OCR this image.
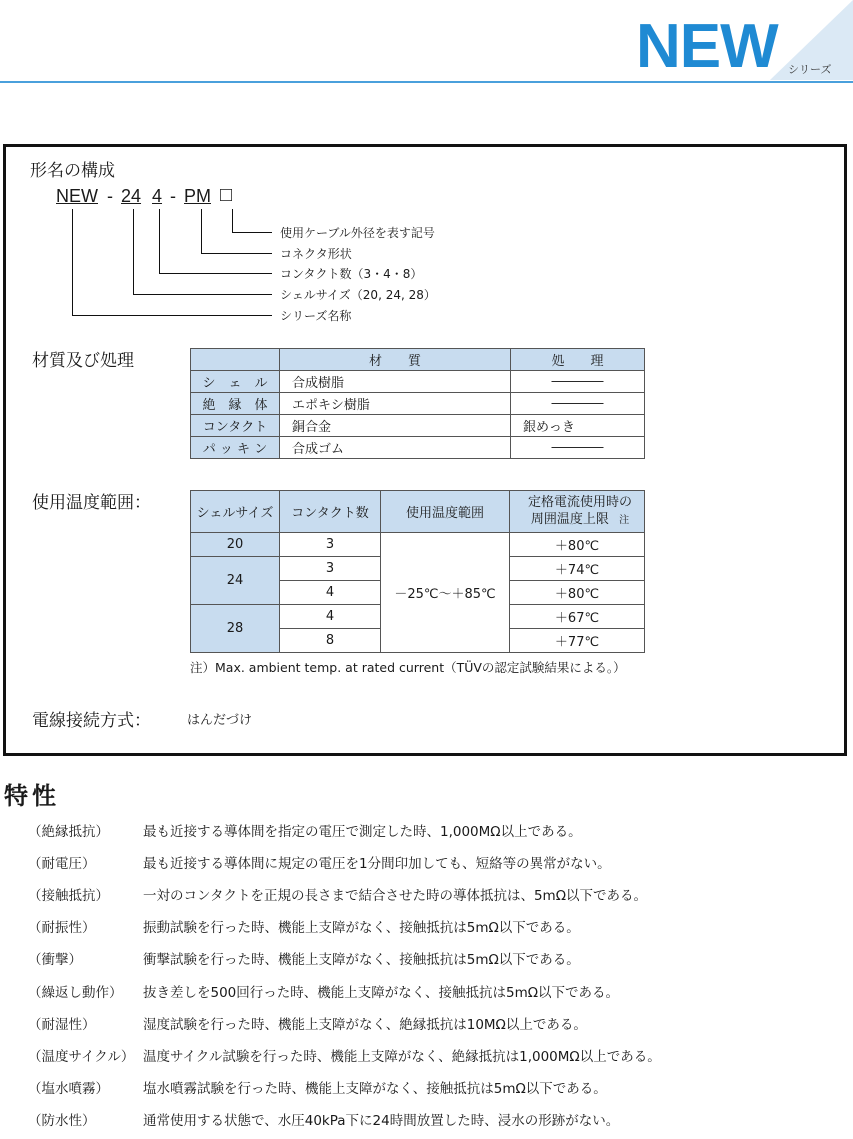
NEW シリーズ
形名の構成
NEW - 24 4 - PM □
使用ケーブル外径を表す記号
コネクタ形状
コンタクト数（3・4・8）
シェルサイズ（20, 24, 28）
シリーズ名称
材質及び処理
		材　　質	処　　理
シ　ェ　ル	合成樹脂	――――
絶　縁　体	エポキシ樹脂	――――
コンタクト	銅合金	銀めっき
パ ッ キ ン	合成ゴム	――――
使用温度範囲：
シェルサイズ	コンタクト数	使用温度範囲	定格電流使用時の
周囲温度上限 注

20	3	－25℃～＋85℃	＋80℃
24	3		＋74℃
	4		＋80℃
28	4		＋67℃
	8		＋77℃
注）Max. ambient temp. at rated current（TÜVの認定試験結果による。）
電線接続方式：	はんだづけ
特性
（絶縁抵抗）	最も近接する導体間を指定の電圧で測定した時、1,000MΩ以上である。
（耐電圧）	最も近接する導体間に規定の電圧を1分間印加しても、短絡等の異常がない。
（接触抵抗）	一対のコンタクトを正規の長さまで結合させた時の導体抵抗は、5mΩ以下である。
（耐振性）	振動試験を行った時、機能上支障がなく、接触抵抗は5mΩ以下である。
（衝撃）	衝撃試験を行った時、機能上支障がなく、接触抵抗は5mΩ以下である。
（繰返し動作） 抜き差しを500回行った時、機能上支障がなく、接触抵抗は5mΩ以下である。
（耐湿性）	湿度試験を行った時、機能上支障がなく、絶縁抵抗は10MΩ以上である。
（温度サイクル） 温度サイクル試験を行った時、機能上支障がなく、絶縁抵抗は1,000MΩ以上である。
（塩水噴霧）	塩水噴霧試験を行った時、機能上支障がなく、接触抵抗は5mΩ以下である。
（防水性）	通常使用する状態で、水圧40kPa下に24時間放置した時、浸水の形跡がない。
